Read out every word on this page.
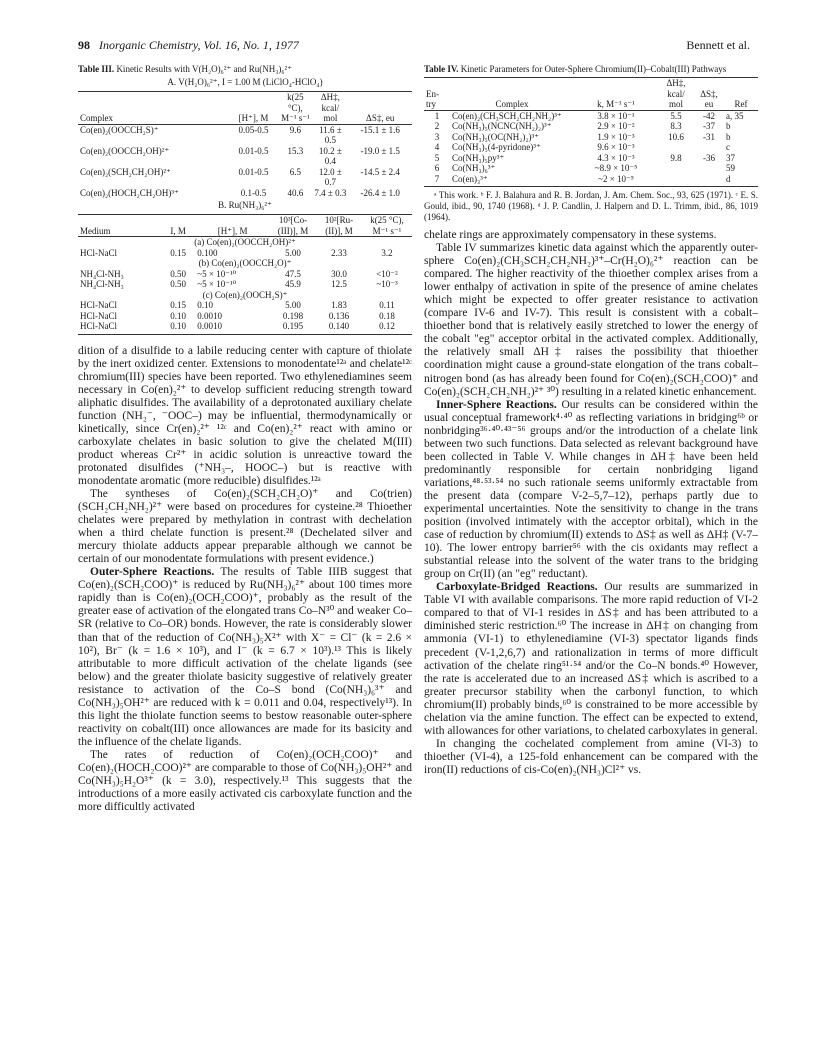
98 Inorganic Chemistry, Vol. 16, No. 1, 1977	Bennett et al.
Table III. Kinetic Results with V(H₂O)₆²⁺ and Ru(NH₃)₆²⁺
A. V(H₂O)₆²⁺, I = 1.00 M (LiClO₄-HClO₄)
Complex	[H⁺], M	k(25 °C), M⁻¹ s⁻¹	ΔH‡, kcal/ mol	ΔS‡, eu
Co(en)₂(OOCCH₂S)⁺	0.05-0.5	9.6	11.6 ± 0.5	-15.1 ± 1.6
Co(en)₂(OOCCH₂OH)²⁺	0.01-0.5	15.3	10.2 ± 0.4	-19.0 ± 1.5
Co(en)₂(SCH₂CH₂OH)²⁺	0.01-0.5	6.5	12.0 ± 0.7	-14.5 ± 2.4
Co(en)₂(HOCH₂CH₂OH)³⁺	0.1-0.5	40.6	7.4 ± 0.3	-26.4 ± 1.0
B. Ru(NH₃)₆²⁺
Medium	I, M	[H⁺], M	10³[Co-(III)], M	10²[Ru-(II)], M	k(25 °C), M⁻¹ s⁻¹
(a) Co(en)₂(OOCCH₂OH)²⁺					
HCl-NaCl	0.15	0.100	5.00	2.33	3.2
(b) Co(en)₂(OOCCH₂O)⁺					
NH₄Cl-NH₃	0.50	~5 × 10⁻¹⁰	47.5	30.0	<10⁻²
NH₄Cl-NH₃	0.50	~5 × 10⁻¹⁰	45.9	12.5	~10⁻³
(c) Co(en)₂(OOCH₂S)⁺					
HCl-NaCl	0.15	0.10	5.00	1.83	0.11
HCl-NaCl	0.10	0.0010	0.198	0.136	0.18
HCl-NaCl	0.10	0.0010	0.195	0.140	0.12

dition of a disulfide to a labile reducing center with capture of thiolate by the inert oxidized center. Extensions to monodentate¹²ᵃ and chelate¹²ᶜ chromium(III) species have been reported. Two ethylenediamines seem necessary in Co(en)₂²⁺ to develop sufficient reducing strength toward aliphatic disulfides. The availability of a deprotonated auxiliary chelate function (NH₂⁻, ⁻OOC–) may be influential, thermodynamically or kinetically, since Cr(en)₂²⁺ ¹²ᶜ and Co(en)₂²⁺ react with amino or carboxylate chelates in basic solution to give the chelated M(III) product whereas Cr²⁺ in acidic solution is unreactive toward the protonated disulfides (⁺NH₃–, HOOC–) but is reactive with monodentate aromatic (more reducible) disulfides.¹²ᵃ

The syntheses of Co(en)₂(SCH₂CH₂O)⁺ and Co(trien)(SCH₂CH₂NH₂)²⁺ were based on procedures for cysteine.²⁸ Thioether chelates were prepared by methylation in contrast with dechelation when a third chelate function is present.²⁸ (Dechelated silver and mercury thiolate adducts appear preparable although we cannot be certain of our monodentate formulations with present evidence.)

Outer-Sphere Reactions. The results of Table IIIB suggest that Co(en)₂(SCH₂COO)⁺ is reduced by Ru(NH₃)₆²⁺ about 100 times more rapidly than is Co(en)₂(OCH₂COO)⁺, probably as the result of the greater ease of activation of the elongated trans Co–N³⁰ and weaker Co–SR (relative to Co–OR) bonds. However, the rate is considerably slower than that of the reduction of Co(NH₃)₅X²⁺ with X⁻ = Cl⁻ (k = 2.6 × 10²), Br⁻ (k = 1.6 × 10³), and I⁻ (k = 6.7 × 10³).¹³ This is likely attributable to more difficult activation of the chelate ligands (see below) and the greater thiolate basicity suggestive of relatively greater resistance to activation of the Co–S bond (Co(NH₃)₆³⁺ and Co(NH₃)₅OH²⁺ are reduced with k = 0.011 and 0.04, respectively¹³). In this light the thiolate function seems to bestow reasonable outer-sphere reactivity on cobalt(III) once allowances are made for its basicity and the influence of the chelate ligands.

The rates of reduction of Co(en)₂(OCH₂COO)⁺ and Co(en)₂(HOCH₂COO)²⁺ are comparable to those of Co(NH₃)₅OH²⁺ and Co(NH₃)₅H₂O³⁺ (k = 3.0), respectively.¹³ This suggests that the introductions of a more easily activated cis carboxylate function and the more difficultly activated

Table IV. Kinetic Parameters for Outer-Sphere Chromium(II)–Cobalt(III) Pathways
En-try	Complex	k, M⁻¹ s⁻¹	ΔH‡, kcal/ mol	ΔS‡, eu	Ref
1	Co(en)₂(CH₃SCH₂CH₂NH₂)³⁺	3.8 × 10⁻¹	5.5	-42	a, 35
2	Co(NH₃)₅(NCNC(NH₂)₂)³⁺	2.9 × 10⁻²	8.3	-37	b
3	Co(NH₃)₅(OC(NH₂)₂)³⁺	1.9 × 10⁻³	10.6	-31	b
4	Co(NH₃)₅(4-pyridone)³⁺	9.6 × 10⁻³			c
5	Co(NH₃)₅py³⁺	4.3 × 10⁻³	9.8	-36	37
6	Co(NH₃)₆³⁺	~8.9 × 10⁻⁵			59
7	Co(en)₃³⁺	~2 × 10⁻⁵			d
ᵃ This work. ᵇ F. J. Balahura and R. B. Jordan, J. Am. Chem. Soc., 93, 625 (1971). ᶜ E. S. Gould, ibid., 90, 1740 (1968). ᵈ J. P. Candlin, J. Halpern and D. L. Trimm, ibid., 86, 1019 (1964).

chelate rings are approximately compensatory in these systems.

Table IV summarizes kinetic data against which the apparently outer-sphere Co(en)₂(CH₃SCH₂CH₂NH₂)³⁺–Cr(H₂O)₆²⁺ reaction can be compared. The higher reactivity of the thioether complex arises from a lower enthalpy of activation in spite of the presence of amine chelates which might be expected to offer greater resistance to activation (compare IV-6 and IV-7). This result is consistent with a cobalt–thioether bond that is relatively easily stretched to lower the energy of the cobalt "eg" acceptor orbital in the activated complex. Additionally, the relatively small ΔH‡ raises the possibility that thioether coordination might cause a ground-state elongation of the trans cobalt–nitrogen bond (as has already been found for Co(en)₂(SCH₂COO)⁺ and Co(en)₂(SCH₂CH₂NH₂)²⁺ ³⁰) resulting in a related kinetic enhancement.

Inner-Sphere Reactions. Our results can be considered within the usual conceptual framework⁴·⁴⁰ as reflecting variations in bridging⁶ᵇ or nonbridging³⁶·⁴⁰·⁴³⁻⁵⁶ groups and/or the introduction of a chelate link between two such functions. Data selected as relevant background have been collected in Table V. While changes in ΔH‡ have been held predominantly responsible for certain nonbridging ligand variations,⁴⁸·⁵³·⁵⁴ no such rationale seems uniformly extractable from the present data (compare V-2–5,7–12), perhaps partly due to experimental uncertainties. Note the sensitivity to change in the trans position (involved intimately with the acceptor orbital), which in the case of reduction by chromium(II) extends to ΔS‡ as well as ΔH‡ (V-7–10). The lower entropy barrier⁵⁶ with the cis oxidants may reflect a substantial release into the solvent of the water trans to the bridging group on Cr(II) (an "eg" reductant).

Carboxylate-Bridged Reactions. Our results are summarized in Table VI with available comparisons. The more rapid reduction of VI-2 compared to that of VI-1 resides in ΔS‡ and has been attributed to a diminished steric restriction.⁶⁰ The increase in ΔH‡ on changing from ammonia (VI-1) to ethylenediamine (VI-3) spectator ligands finds precedent (V-1,2,6,7) and rationalization in terms of more difficult activation of the chelate ring⁵¹·⁵⁴ and/or the Co–N bonds.⁴⁰ However, the rate is accelerated due to an increased ΔS‡ which is ascribed to a greater precursor stability when the carbonyl function, to which chromium(II) probably binds,⁶⁰ is constrained to be more accessible by chelation via the amine function. The effect can be expected to extend, with allowances for other variations, to chelated carboxylates in general.

In changing the cochelated complement from amine (VI-3) to thioether (VI-4), a 125-fold enhancement can be compared with the iron(II) reductions of cis-Co(en)₂(NH₃)Cl²⁺ vs.
